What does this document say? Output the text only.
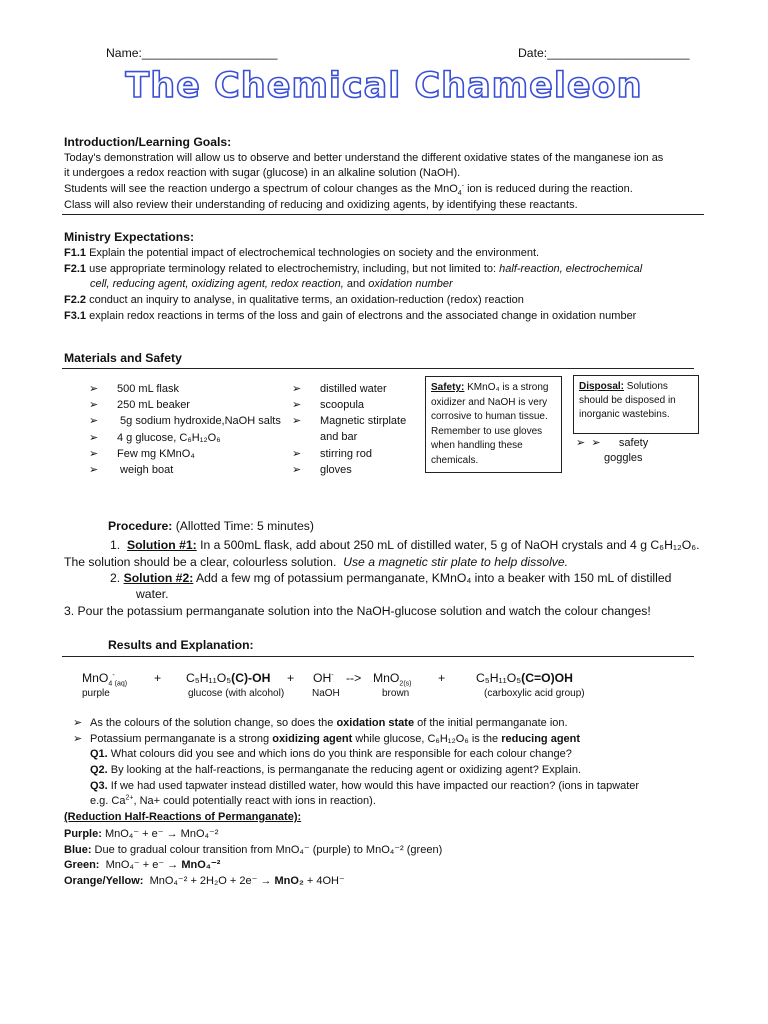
Name:____________________	Date:_____________________
The Chemical Chameleon
Introduction/Learning Goals:
Today's demonstration will allow us to observe and better understand the different oxidative states of the manganese ion as
it undergoes a redox reaction with sugar (glucose) in an alkaline solution (NaOH).
Students will see the reaction undergo a spectrum of colour changes as the MnO$_4$- ion is reduced during the reaction.
Class will also review their understanding of reducing and oxidizing agents, by identifying these reactants.
Ministry Expectations:
F1.1 Explain the potential impact of electrochemical technologies on society and the environment.
F2.1 use appropriate terminology related to electrochemistry, including, but not limited to: half-reaction, electrochemical
cell, reducing agent, oxidizing agent, redox reaction, and oxidation number
F2.2 conduct an inquiry to analyse, in qualitative terms, an oxidation-reduction (redox) reaction
F3.1 explain redox reactions in terms of the loss and gain of electrons and the associated change in oxidation number
Materials and Safety
➢ 500 mL flask
➢ 250 mL beaker
➢ 5g sodium hydroxide,NaOH salts
➢ 4 g glucose, C₆H₁₂O₆
➢ Few mg KMnO₄
➢ weigh boat
➢ distilled water
➢ scoopula
➢ Magnetic stirplate
and bar
➢ stirring rod
➢ gloves
Safety: KMnO₄ is a strong oxidizer and NaOH is very corrosive to human tissue. Remember to use gloves when handling these chemicals.
Disposal: Solutions should be disposed in inorganic wastebins.
➢  ➢ safety
goggles
Procedure: (Allotted Time: 5 minutes)
1. Solution #1: In a 500mL flask, add about 250 mL of distilled water, 5 g of NaOH crystals and 4 g C₆H₁₂O₆.
The solution should be a clear, colourless solution. Use a magnetic stir plate to help dissolve.
2. Solution #2: Add a few mg of potassium permanganate, KMnO₄ into a beaker with 150 mL of distilled
water.
3. Pour the potassium permanganate solution into the NaOH-glucose solution and watch the colour changes!
Results and Explanation:
MnO$_4$-$_{(aq)}$ + C₅H₁₁O₅(C)-OH + OH- --> MnO$_{2(s)}$ +	C₅H₁₁O₅(C=O)OH
purple	glucose (with alcohol)	NaOH	brown	(carboxylic acid group)
➢ As the colours of the solution change, so does the oxidation state of the initial permanganate ion.
➢ Potassium permanganate is a strong oxidizing agent while glucose, C₆H₁₂O₆ is the reducing agent
Q1. What colours did you see and which ions do you think are responsible for each colour change?
Q2. By looking at the half-reactions, is permanganate the reducing agent or oxidizing agent? Explain.
Q3. If we had used tapwater instead distilled water, how would this have impacted our reaction? (ions in tapwater
e.g. $Ca^{2+}$, Na+ could potentially react with ions in reaction).
(Reduction Half-Reactions of Permanganate):
Purple: MnO₄⁻ + e⁻ → MnO₄⁻²
Blue: Due to gradual colour transition from MnO₄⁻ (purple) to MnO₄⁻² (green)
Green: MnO₄⁻ + e⁻ → MnO₄⁻²
Orange/Yellow: MnO₄⁻² + 2H₂O + 2e⁻ → MnO₂ + 4OH⁻
